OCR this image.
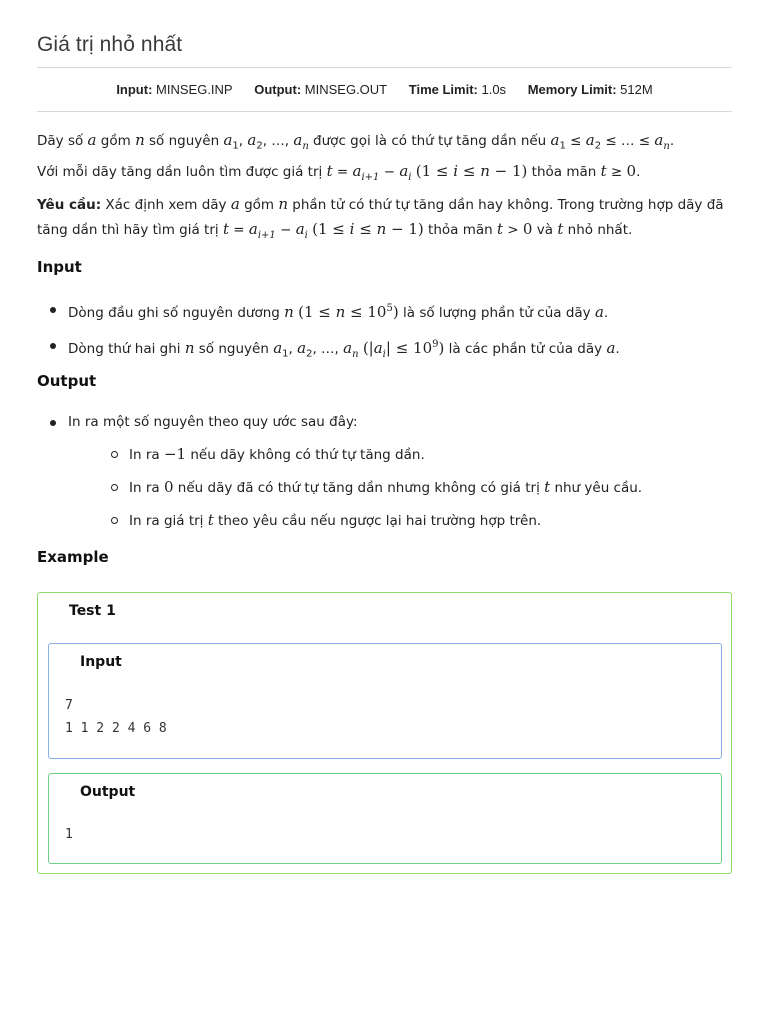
Giá trị nhỏ nhất
Input: MINSEG.INP Output: MINSEG.OUT Time Limit: 1.0s Memory Limit: 512M
Dãy số a gồm n số nguyên $a_1$, $a_2$, …, $a_n$ được gọi là có thứ tự tăng dần nếu $a_1 \le a_2$ ≤ … ≤ $a_n$.
Với mỗi dãy tăng dần luôn tìm được giá trị $t = a_{i+1} - a_i$ (1 ≤ i ≤ n − 1) thỏa mãn t ≥ 0.
Yêu cầu: Xác định xem dãy a gồm n phần tử có thứ tự tăng dần hay không. Trong trường hợp dãy đã tăng dần thì hãy tìm giá trị $t = a_{i+1} - a_i$ (1 ≤ i ≤ n − 1) thỏa mãn t > 0 và t nhỏ nhất.
Input
Dòng đầu ghi số nguyên dương n $(1 \le n \le 10^5)$ là số lượng phần tử của dãy a.
Dòng thứ hai ghi n số nguyên $a_1$, $a_2$, …, $a_n$ $(|a_i| \le 10^9)$ là các phần tử của dãy a.
Output
In ra một số nguyên theo quy ước sau đây:
In ra −1 nếu dãy không có thứ tự tăng dần.
In ra 0 nếu dãy đã có thứ tự tăng dần nhưng không có giá trị t như yêu cầu.
In ra giá trị t theo yêu cầu nếu ngược lại hai trường hợp trên.
Example
Test 1
Input
7
1 1 2 2 4 6 8
Output
1
